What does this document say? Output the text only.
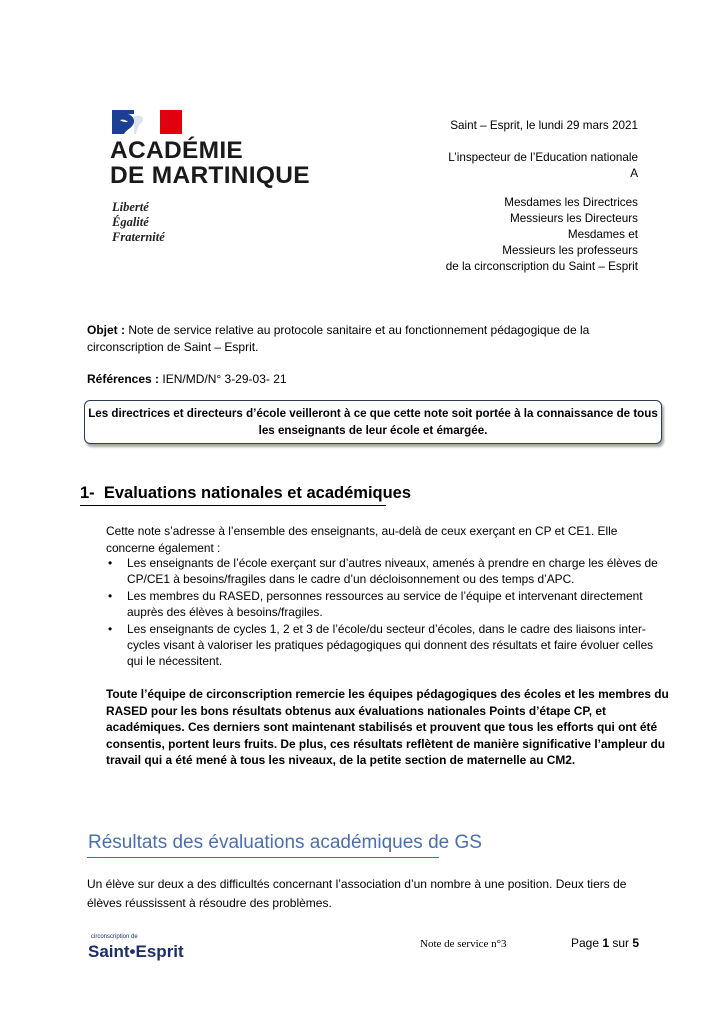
ACADÉMIE
DE MARTINIQUE
Liberté
Égalité
Fraternité
Saint – Esprit, le lundi 29 mars 2021
L’inspecteur de l’Education nationale
A
Mesdames les Directrices
Messieurs les Directeurs
Mesdames et
Messieurs les professeurs
de la circonscription du Saint – Esprit
Objet : Note de service relative au protocole sanitaire et au fonctionnement pédagogique de la circonscription de Saint – Esprit.
Références : IEN/MD/N° 3-29-03- 21
Les directrices et directeurs d’école veilleront à ce que cette note soit portée à la connaissance de tous les enseignants de leur école et émargée.
1- Evaluations nationales et académiques
Cette note s’adresse à l’ensemble des enseignants, au-delà de ceux exerçant en CP et CE1. Elle concerne également :
• Les enseignants de l’école exerçant sur d’autres niveaux, amenés à prendre en charge les élèves de CP/CE1 à besoins/fragiles dans le cadre d’un décloisonnement ou des temps d’APC.
• Les membres du RASED, personnes ressources au service de l’équipe et intervenant directement auprès des élèves à besoins/fragiles.
• Les enseignants de cycles 1, 2 et 3 de l’école/du secteur d’écoles, dans le cadre des liaisons inter-cycles visant à valoriser les pratiques pédagogiques qui donnent des résultats et faire évoluer celles qui le nécessitent.
Toute l’équipe de circonscription remercie les équipes pédagogiques des écoles et les membres du RASED pour les bons résultats obtenus aux évaluations nationales Points d’étape CP, et académiques. Ces derniers sont maintenant stabilisés et prouvent que tous les efforts qui ont été consentis, portent leurs fruits. De plus, ces résultats reflètent de manière significative l’ampleur du travail qui a été mené à tous les niveaux, de la petite section de maternelle au CM2.
Résultats des évaluations académiques de GS
Un élève sur deux a des difficultés concernant l’association d’un nombre à une position. Deux tiers de élèves réussissent à résoudre des problèmes.
circonscription de
Saint•Esprit	Note de service n°3	Page 1 sur 5
